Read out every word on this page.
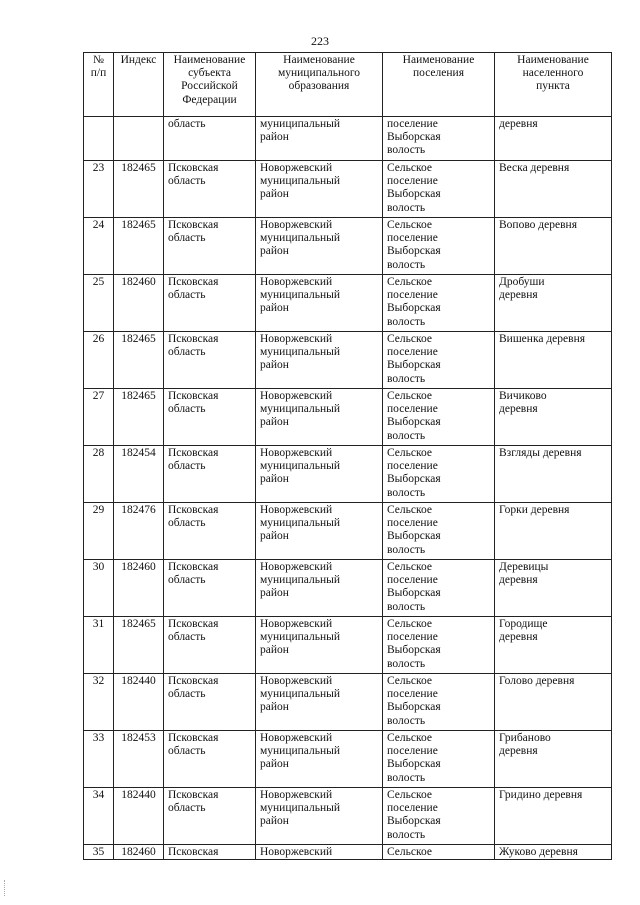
223
№
п/п	Индекс	Наименование
субъекта
Российской
Федерации	Наименование
муниципального
образования	Наименование
поселения	Наименование
населенного
пункта
		область	муниципальный
район	поселение
Выборская
волость	деревня
23	182465	Псковская
область	Новоржевский
муниципальный
район	Сельское
поселение
Выборская
волость	Веска деревня
24	182465	Псковская
область	Новоржевский
муниципальный
район	Сельское
поселение
Выборская
волость	Вопово деревня
25	182460	Псковская
область	Новоржевский
муниципальный
район	Сельское
поселение
Выборская
волость	Дробуши
деревня
26	182465	Псковская
область	Новоржевский
муниципальный
район	Сельское
поселение
Выборская
волость	Вишенка деревня
27	182465	Псковская
область	Новоржевский
муниципальный
район	Сельское
поселение
Выборская
волость	Вичиково
деревня
28	182454	Псковская
область	Новоржевский
муниципальный
район	Сельское
поселение
Выборская
волость	Взгляды деревня
29	182476	Псковская
область	Новоржевский
муниципальный
район	Сельское
поселение
Выборская
волость	Горки деревня
30	182460	Псковская
область	Новоржевский
муниципальный
район	Сельское
поселение
Выборская
волость	Деревицы
деревня
31	182465	Псковская
область	Новоржевский
муниципальный
район	Сельское
поселение
Выборская
волость	Городище
деревня
32	182440	Псковская
область	Новоржевский
муниципальный
район	Сельское
поселение
Выборская
волость	Голово деревня
33	182453	Псковская
область	Новоржевский
муниципальный
район	Сельское
поселение
Выборская
волость	Грибаново
деревня
34	182440	Псковская
область	Новоржевский
муниципальный
район	Сельское
поселение
Выборская
волость	Гридино деревня
35	182460	Псковская	Новоржевский	Сельское	Жуково деревня
